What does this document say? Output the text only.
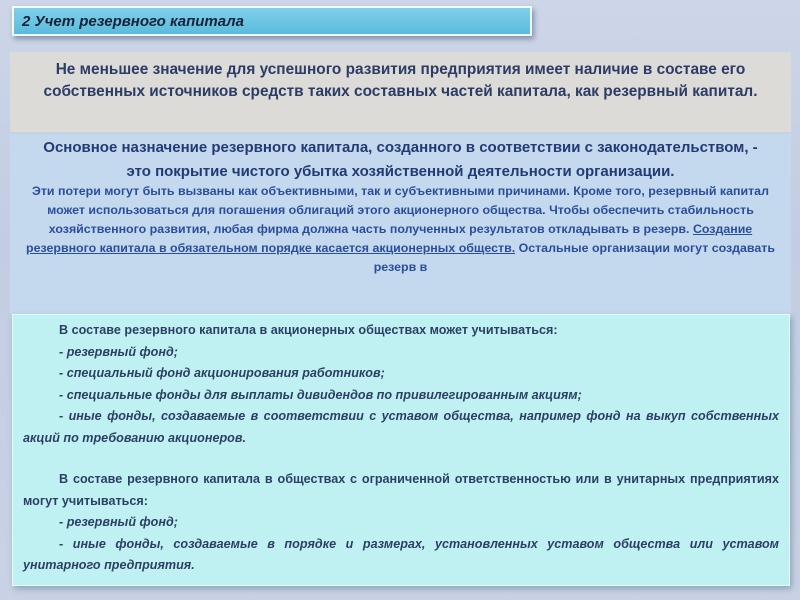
2 Учет резервного капитала

Не меньшее значение для успешного развития предприятия имеет наличие в составе его собственных источников средств таких составных частей капитала, как резервный капитал.

Основное назначение резервного капитала, созданного в соответствии с законодательством, -

это покрытие чистого убытка хозяйственной деятельности организации.

Эти потери могут быть вызваны как объективными, так и субъективными причинами. Кроме того, резервный капитал может использоваться для погашения облигаций этого акционерного общества. Чтобы обеспечить стабильность хозяйственного развития, любая фирма должна часть полученных результатов откладывать в резерв. Создание резервного капитала в обязательном порядке касается акционерных обществ. Остальные организации могут создавать резерв в

В составе резервного капитала в акционерных обществах может учитываться:

- резервный фонд;

- специальный фонд акционирования работников;

- специальные фонды для выплаты дивидендов по привилегированным акциям;

- иные фонды, создаваемые в соответствии с уставом общества, например фонд на выкуп собственных акций по требованию акционеров.

В составе резервного капитала в обществах с ограниченной ответственностью или в унитарных предприятиях могут учитываться:

- резервный фонд;

- иные фонды, создаваемые в порядке и размерах, установленных уставом общества или уставом унитарного предприятия.
